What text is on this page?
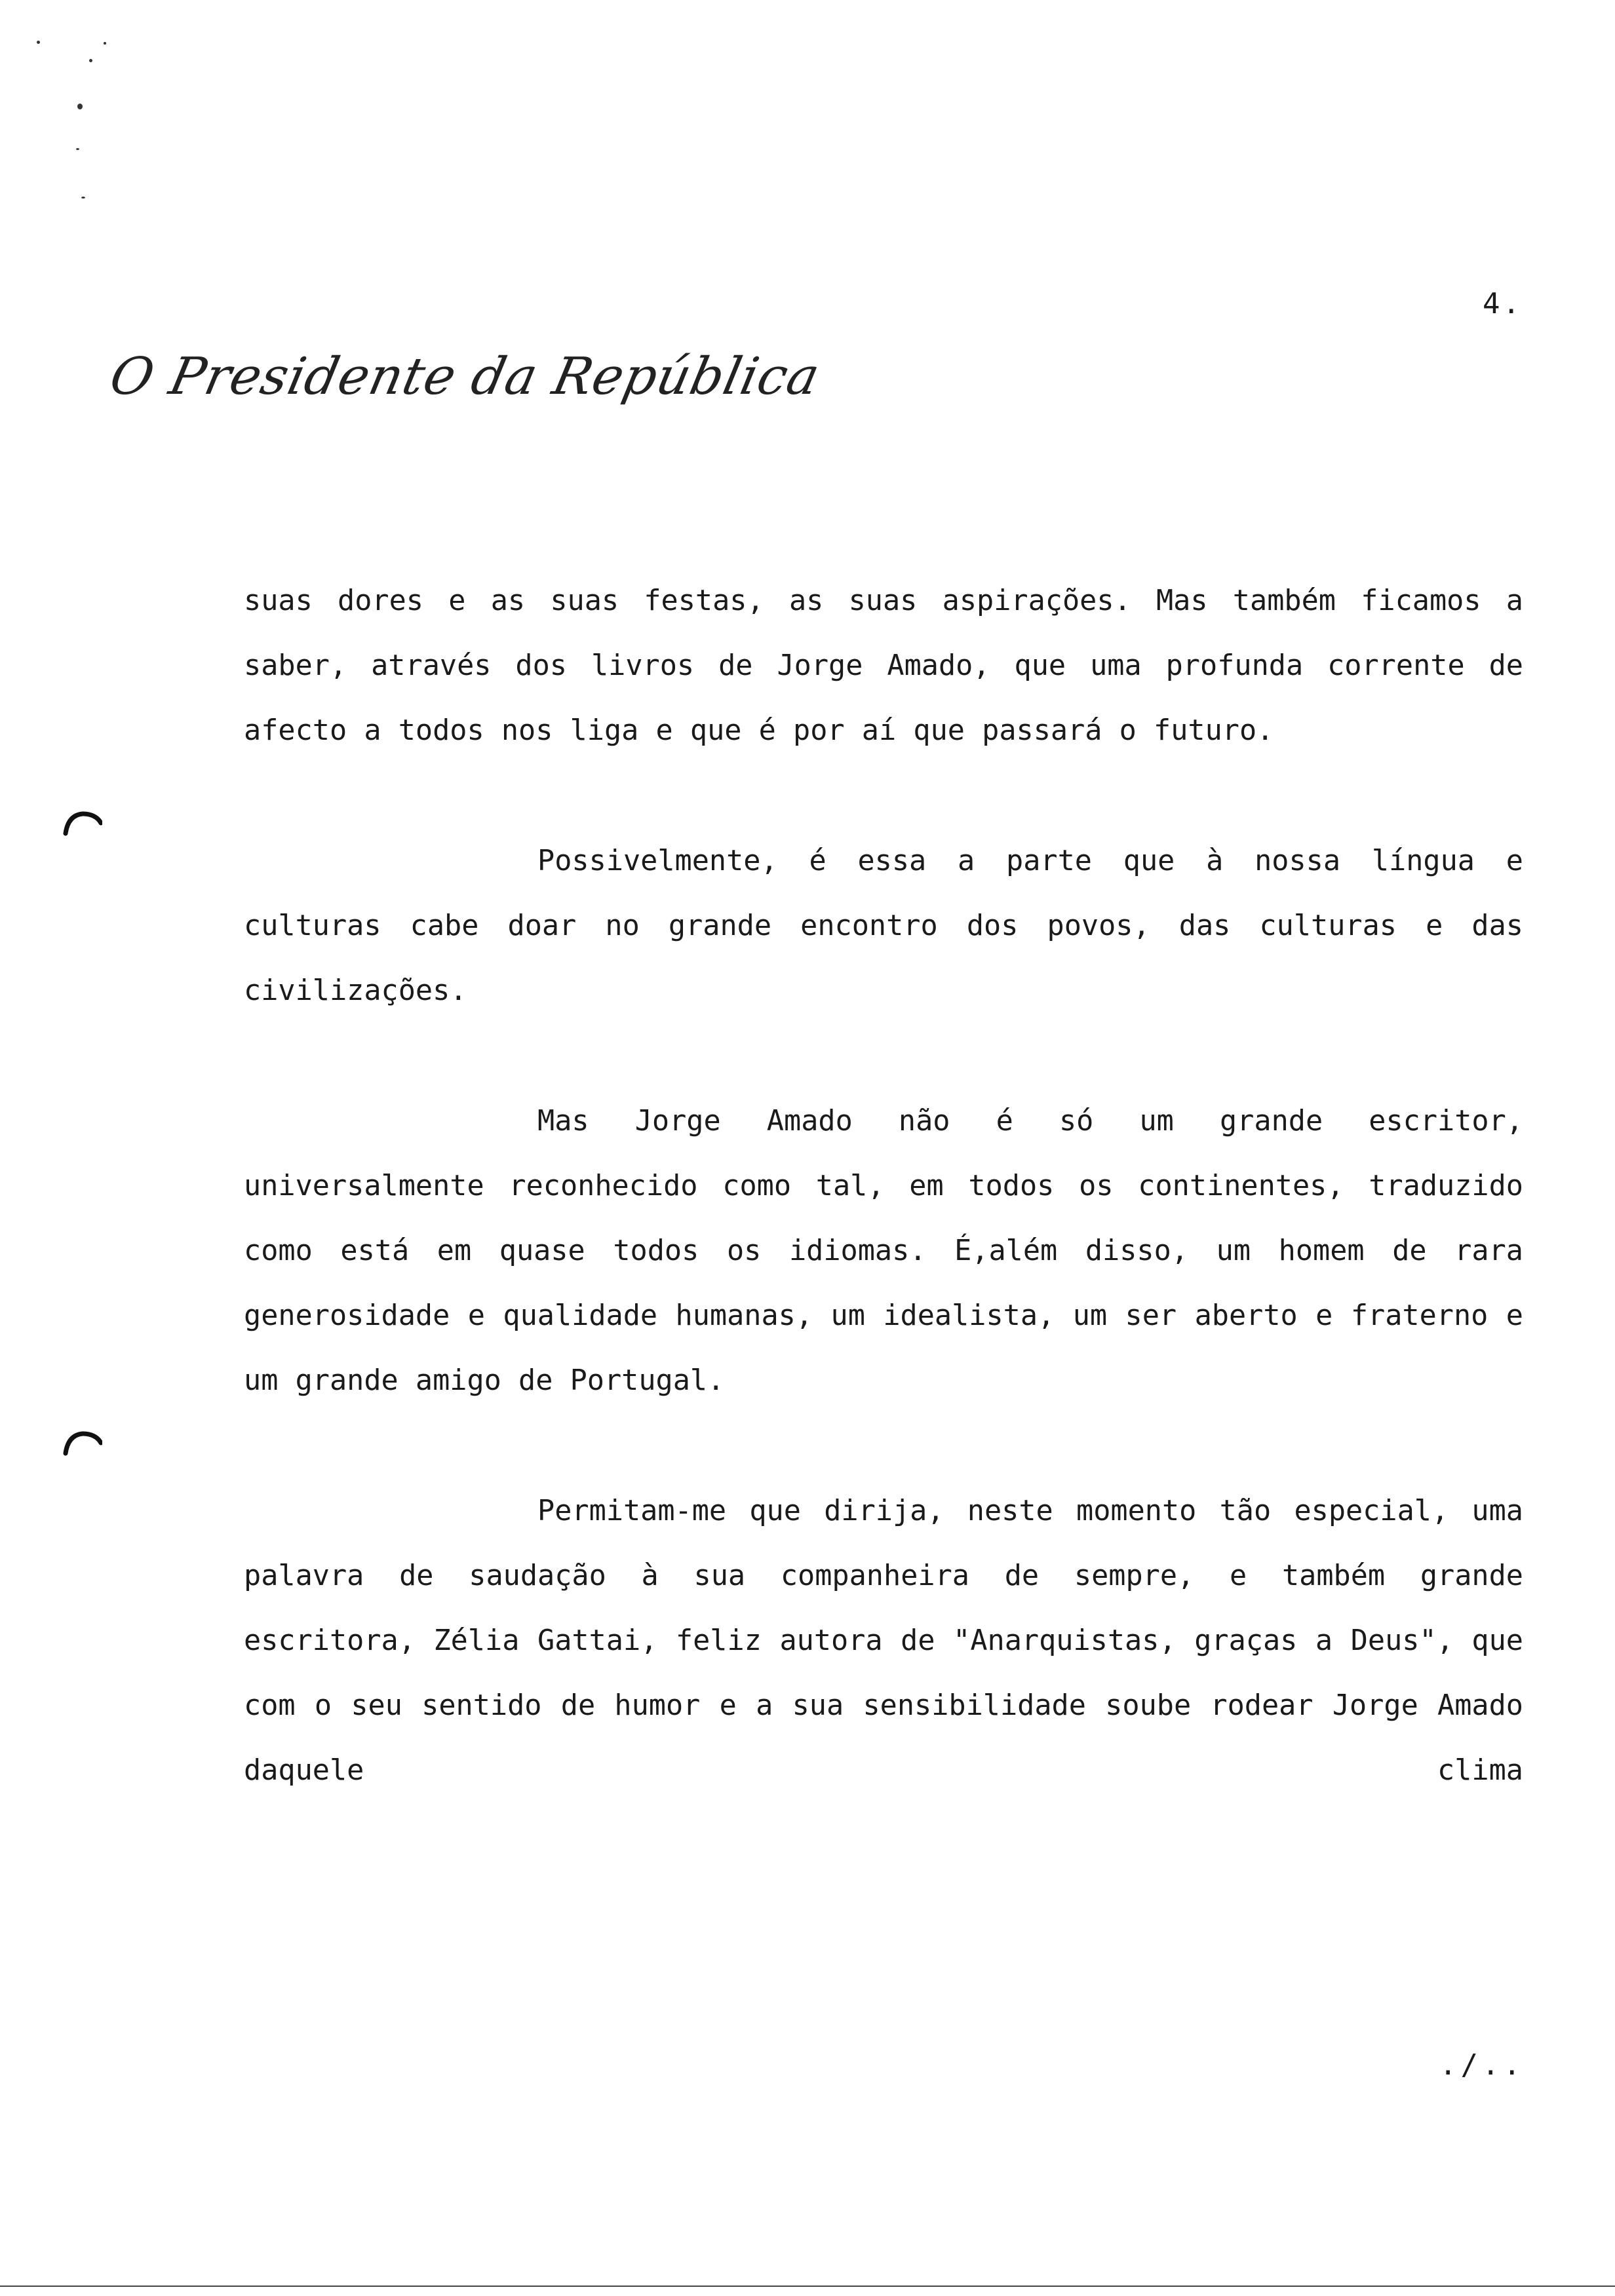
4.
O Presidente da República

suas dores e as suas festas, as suas aspirações. Mas também ficamos a saber, através dos livros de Jorge Amado, que uma profunda corrente de afecto a todos nos liga e que é por aí que passará o futuro.

Possivelmente, é essa a parte que à nossa língua e culturas cabe doar no grande encontro dos povos, das culturas e das civilizações.

Mas Jorge Amado não é só um grande escritor, universalmente reconhecido como tal, em todos os continentes, traduzido como está em quase todos os idiomas. É,além disso, um homem de rara generosidade e qualidade humanas, um idealista, um ser aberto e fraterno e um grande amigo de Portugal.

Permitam-me que dirija, neste momento tão especial, uma palavra de saudação à sua companheira de sempre, e também grande escritora, Zélia Gattai, feliz autora de "Anarquistas, graças a Deus", que com o seu sentido de humor e a sua sensibilidade soube rodear Jorge Amado daquele clima

./..
